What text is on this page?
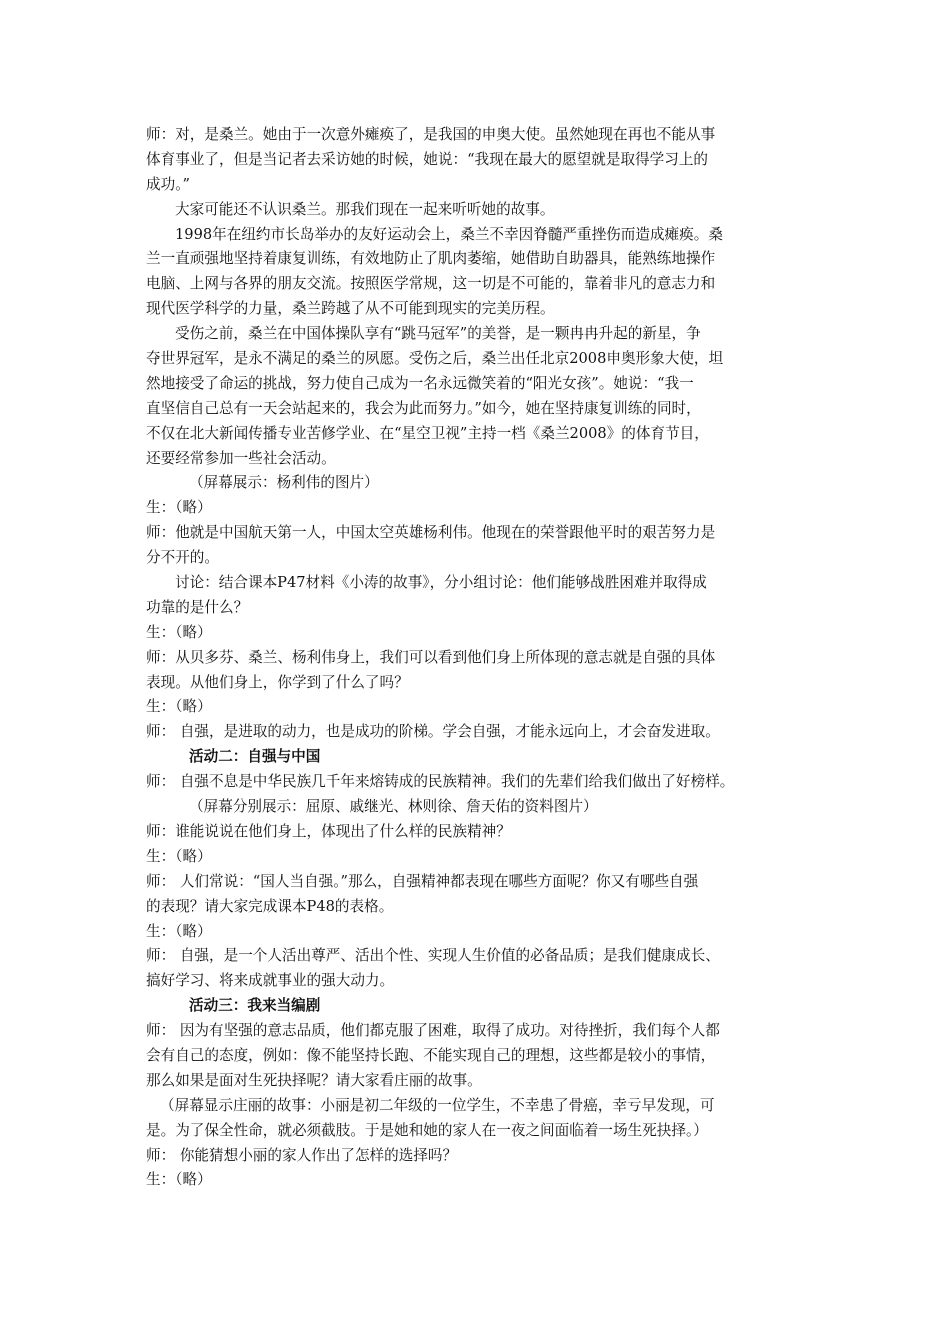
师：对，是桑兰。她由于一次意外瘫痪了，是我国的申奥大使。虽然她现在再也不能从事
体育事业了，但是当记者去采访她的时候，她说：“我现在最大的愿望就是取得学习上的
成功。”
大家可能还不认识桑兰。那我们现在一起来听听她的故事。
1998年在纽约市长岛举办的友好运动会上，桑兰不幸因脊髓严重挫伤而造成瘫痪。桑
兰一直顽强地坚持着康复训练，有效地防止了肌肉萎缩，她借助自助器具，能熟练地操作
电脑、上网与各界的朋友交流。按照医学常规，这一切是不可能的，靠着非凡的意志力和
现代医学科学的力量，桑兰跨越了从不可能到现实的完美历程。
受伤之前，桑兰在中国体操队享有“跳马冠军”的美誉，是一颗冉冉升起的新星，争
夺世界冠军，是永不满足的桑兰的夙愿。受伤之后，桑兰出任北京2008申奥形象大使，坦
然地接受了命运的挑战，努力使自己成为一名永远微笑着的“阳光女孩”。她说：“我一
直坚信自己总有一天会站起来的，我会为此而努力。”如今，她在坚持康复训练的同时，
不仅在北大新闻传播专业苦修学业、在“星空卫视”主持一档《桑兰2008》的体育节目，
还要经常参加一些社会活动。
（屏幕展示：杨利伟的图片）
生：（略）
师：他就是中国航天第一人，中国太空英雄杨利伟。他现在的荣誉跟他平时的艰苦努力是
分不开的。
讨论：结合课本P47材料《小涛的故事》，分小组讨论：他们能够战胜困难并取得成
功靠的是什么？
生：（略）
师：从贝多芬、桑兰、杨利伟身上，我们可以看到他们身上所体现的意志就是自强的具体
表现。从他们身上，你学到了什么了吗？
生：（略）
师： 自强，是进取的动力，也是成功的阶梯。学会自强，才能永远向上，才会奋发进取。
活动二：自强与中国
师： 自强不息是中华民族几千年来熔铸成的民族精神。我们的先辈们给我们做出了好榜样。
（屏幕分别展示：屈原、戚继光、林则徐、詹天佑的资料图片）
师：谁能说说在他们身上，体现出了什么样的民族精神？
生：（略）
师： 人们常说：“国人当自强。”那么，自强精神都表现在哪些方面呢？你又有哪些自强
的表现？请大家完成课本P48的表格。
生：（略）
师： 自强，是一个人活出尊严、活出个性、实现人生价值的必备品质；是我们健康成长、
搞好学习、将来成就事业的强大动力。
活动三：我来当编剧
师： 因为有坚强的意志品质，他们都克服了困难，取得了成功。对待挫折，我们每个人都
会有自己的态度，例如：像不能坚持长跑、不能实现自己的理想，这些都是较小的事情，
那么如果是面对生死抉择呢？请大家看庄丽的故事。
（屏幕显示庄丽的故事：小丽是初二年级的一位学生，不幸患了骨癌，幸亏早发现，可
是。为了保全性命，就必须截肢。于是她和她的家人在一夜之间面临着一场生死抉择。）
师： 你能猜想小丽的家人作出了怎样的选择吗？
生：（略）
